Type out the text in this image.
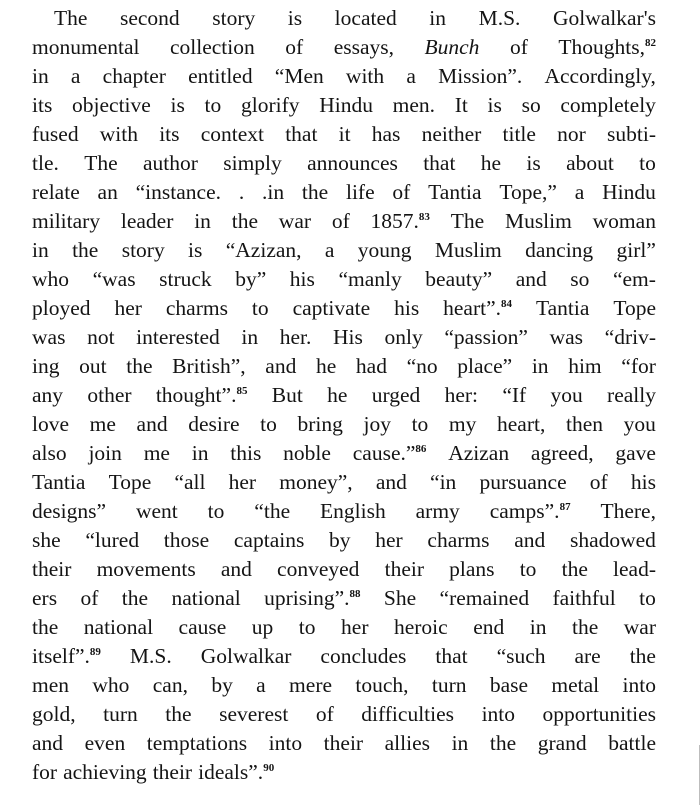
The second story is located in M.S. Golwalkar's
monumental collection of essays, Bunch of Thoughts,$^{82}$
in a chapter entitled “Men with a Mission”. Accordingly,
its objective is to glorify Hindu men. It is so completely
fused with its context that it has neither title nor subti-
tle. The author simply announces that he is about to
relate an “instance. . .in the life of Tantia Tope,” a Hindu
military leader in the war of 1857.83 The Muslim woman
in the story is “Azizan, a young Muslim dancing girl”
who “was struck by” his “manly beauty” and so “em-
ployed her charms to captivate his heart”.$^{84}$ Tantia Tope
was not interested in her. His only “passion” was “driv-
ing out the British”, and he had “no place” in him “for
any other thought”.$^{85}$ But he urged her: “If you really
love me and desire to bring joy to my heart, then you
also join me in this noble cause.”$^{86}$ Azizan agreed, gave
Tantia Tope “all her money”, and “in pursuance of his
designs” went to “the English army camps”.$^{87}$ There,
she “lured those captains by her charms and shadowed
their movements and conveyed their plans to the lead-
ers of the national uprising”.$^{88}$ She “remained faithful to
the national cause up to her heroic end in the war
itself”.$^{89}$ M.S. Golwalkar concludes that “such are the
men who can, by a mere touch, turn base metal into
gold, turn the severest of difficulties into opportunities
and even temptations into their allies in the grand battle
for achieving their ideals”.$^{90}$
